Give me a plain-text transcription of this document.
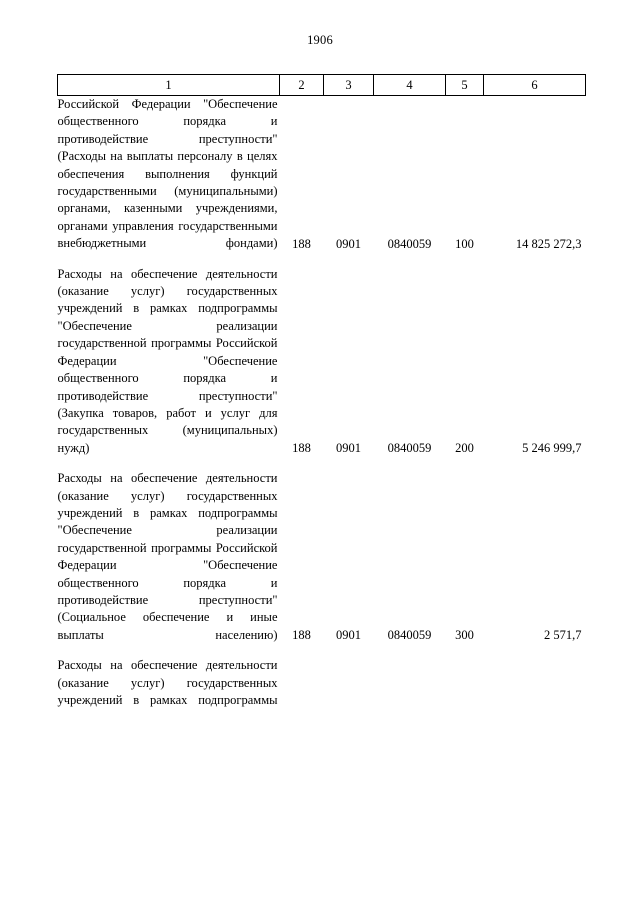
1906
1	2	3	4	5	6
Российской Федерации "Обеспечение общественного порядка и противодействие преступности" (Расходы на выплаты персоналу в целях обеспечения выполнения функций государственными (муниципальными) органами, казенными учреждениями, органами управления государственными внебюджетными фондами)	188	0901	0840059	100	14 825 272,3

Расходы на обеспечение деятельности (оказание услуг) государственных учреждений в рамках подпрограммы "Обеспечение реализации государственной программы Российской Федерации "Обеспечение общественного порядка и противодействие преступности" (Закупка товаров, работ и услуг для государственных (муниципальных) нужд)	188	0901	0840059	200	5 246 999,7

Расходы на обеспечение деятельности (оказание услуг) государственных учреждений в рамках подпрограммы "Обеспечение реализации государственной программы Российской Федерации "Обеспечение общественного порядка и противодействие преступности" (Социальное обеспечение и иные выплаты населению)	188	0901	0840059	300	2 571,7

Расходы на обеспечение деятельности (оказание услуг) государственных учреждений в рамках подпрограммы					
